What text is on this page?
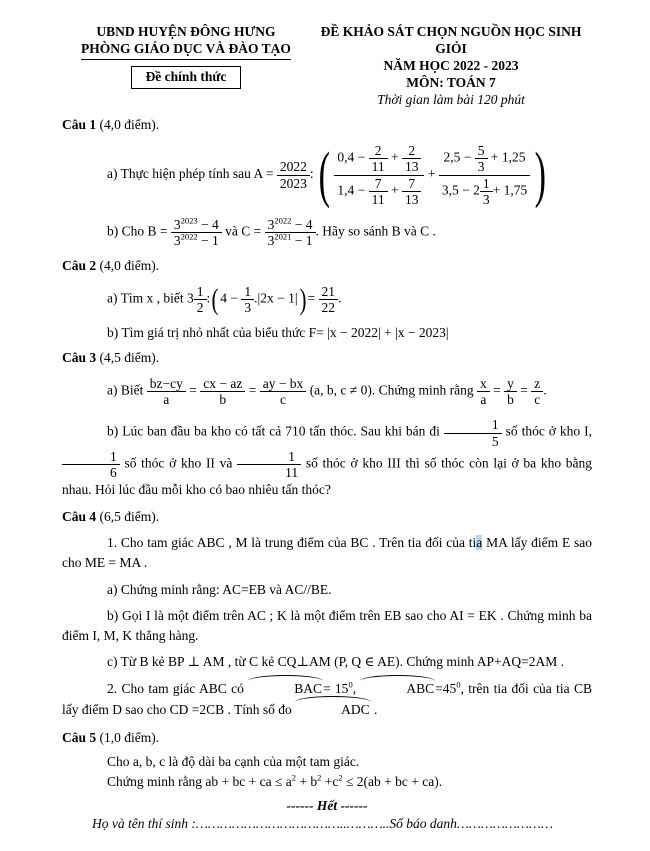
UBND HUYỆN ĐÔNG HƯNG
PHÒNG GIÁO DỤC VÀ ĐÀO TẠO
Đề chính thức
ĐỀ KHẢO SÁT CHỌN NGUỒN HỌC SINH GIỎI
NĂM HỌC 2022 - 2023
MÔN: TOÁN 7
Thời gian làm bài 120 phút
Câu 1 (4,0 điểm).
a) Thực hiện phép tính sau $A = \frac{2022}{2023}$ :( $\frac{0,4 - \frac{2}{11} + \frac{2}{13}}{1,4 - \frac{7}{11} + \frac{7}{13}} + \frac{2,5 - \frac{5}{3} + 1,25}{3,5 - 2 \frac{1}{3} + 1,75}$ )
b) Cho $B = \frac{3^{2023} - 4}{3^{2022} - 1}$ và $C = \frac{3^{2022} - 4}{3^{2021} - 1}$ . Hãy so sánh B và C .
Câu 2 (4,0 điểm).
a) Tìm x , biết $3 \frac{1}{2}$ :( $4 - \frac{1}{3} .|2x - 1|) = \frac{21}{22}$ .
b) Tìm giá trị nhỏ nhất của biểu thức F= |x − 2022| + |x − 2023|
Câu 3 (4,5 điểm).
a) Biết $\frac{bz-cy}{a} = \frac{cx - az}{b} = \frac{ay - bx}{c} (a$, b, c ≠ 0). Chứng minh rằng $\frac{x}{a} = \frac{y}{b} = \frac{z}{c}$ .
b) Lúc ban đầu ba kho có tất cả 710 tấn thóc. Sau khi bán đi $\frac{1}{5}$ số thóc ở kho I,
$\frac{1}{6}$ số thóc ở kho II và $\frac{1}{11}$ số thóc ở kho III thì số thóc còn lại ở ba kho bằng nhau. Hỏi lúc đầu mỗi kho có bao nhiêu tấn thóc?
Câu 4 (6,5 điểm).
1. Cho tam giác ABC , M là trung điểm của BC . Trên tia đối của tia MA lấy điểm E sao cho ME = MA .
a) Chứng minh rằng: AC=EB và AC//BE.
b) Gọi I là một điểm trên AC ; K là một điểm trên EB sao cho AI = EK . Chứng minh ba điểm I, M, K thẳng hàng.
c) Từ B kẻ BP ⊥ AM , từ C kẻ CQ⊥AM (P, Q ∈ AE). Chứng minh AP+AQ=2AM .
2. Cho tam giác ABC có	$BAC= 15^0$,	$ABC=45^0$, trên tia đối của tia CB lấy điểm D sao cho CD =2CB . Tính số đo	ADC .
Câu 5 (1,0 điểm).
Cho a, b, c là độ dài ba cạnh của một tam giác.
Chứng minh rằng ab + bc + ca ≤ $a^2 + b^2 +c^2 \le 2(ab$ + bc + ca).
------ Hết ------
Họ và tên thí sinh :………………………………..………..Số báo danh……………………
